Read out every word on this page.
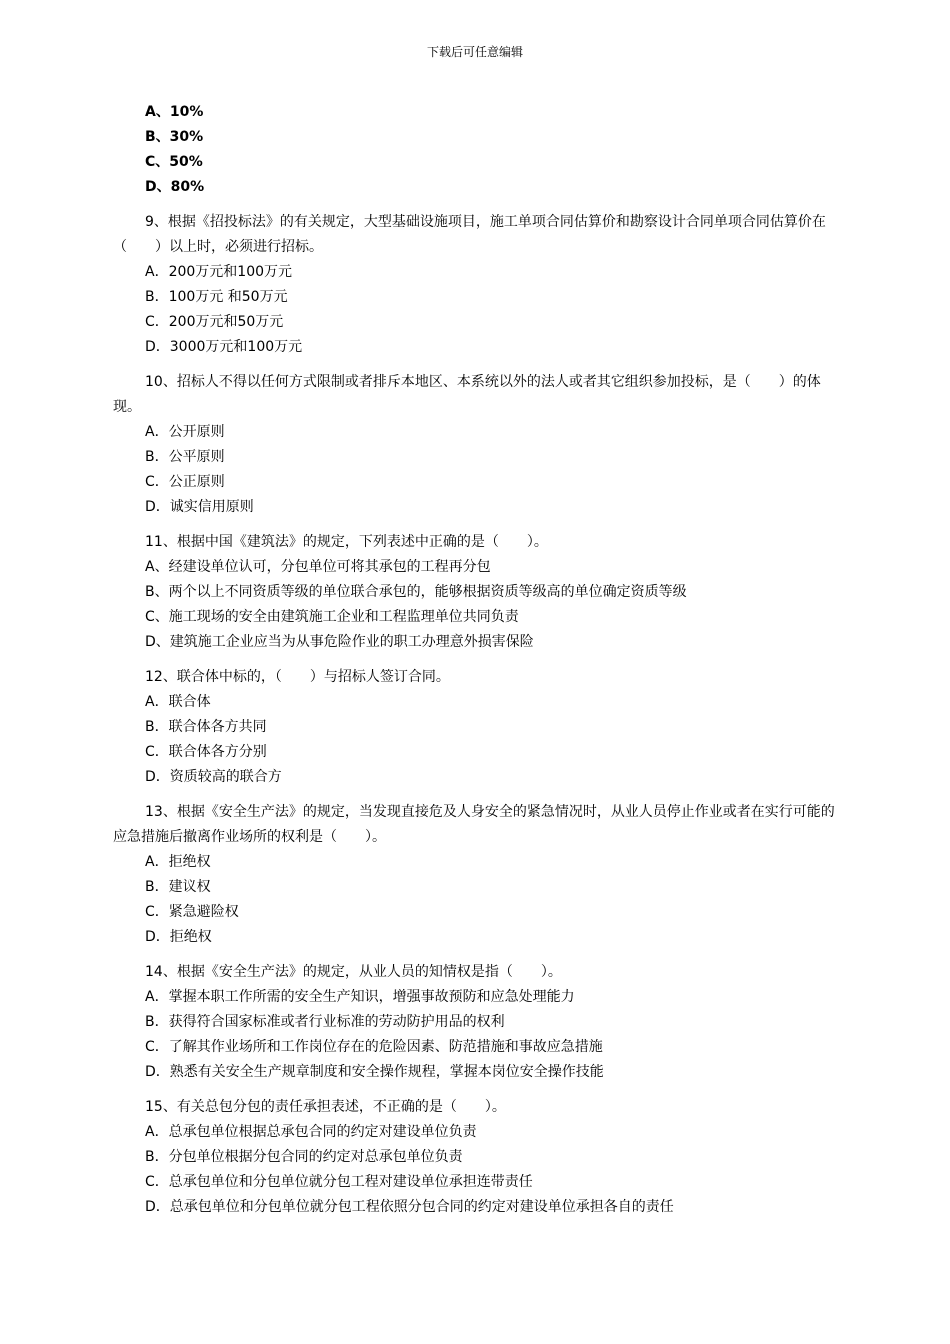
下载后可任意编辑
A、10%
B、30%
C、50%
D、80%
9、根据《招投标法》的有关规定，大型基础设施项目，施工单项合同估算价和勘察设计合同单项合同估算价在（　　）以上时，必须进行招标。
A．200万元和100万元
B．100万元 和50万元
C．200万元和50万元
D．3000万元和100万元
10、招标人不得以任何方式限制或者排斥本地区、本系统以外的法人或者其它组织参加投标，是（　　）的体现。
A．公开原则
B．公平原则
C．公正原则
D．诚实信用原则
11、根据中国《建筑法》的规定，下列表述中正确的是（　　）。
A、经建设单位认可，分包单位可将其承包的工程再分包
B、两个以上不同资质等级的单位联合承包的，能够根据资质等级高的单位确定资质等级
C、施工现场的安全由建筑施工企业和工程监理单位共同负责
D、建筑施工企业应当为从事危险作业的职工办理意外损害保险
12、联合体中标的，（　　）与招标人签订合同。
A．联合体
B．联合体各方共同
C．联合体各方分别
D．资质较高的联合方
13、根据《安全生产法》的规定，当发现直接危及人身安全的紧急情况时，从业人员停止作业或者在实行可能的应急措施后撤离作业场所的权利是（　　）。
A．拒绝权
B．建议权
C．紧急避险权
D．拒绝权
14、根据《安全生产法》的规定，从业人员的知情权是指（　　）。
A．掌握本职工作所需的安全生产知识，增强事故预防和应急处理能力
B．获得符合国家标准或者行业标准的劳动防护用品的权利
C．了解其作业场所和工作岗位存在的危险因素、防范措施和事故应急措施
D．熟悉有关安全生产规章制度和安全操作规程，掌握本岗位安全操作技能
15、有关总包分包的责任承担表述，不正确的是（　　）。
A．总承包单位根据总承包合同的约定对建设单位负责
B．分包单位根据分包合同的约定对总承包单位负责
C．总承包单位和分包单位就分包工程对建设单位承担连带责任
D．总承包单位和分包单位就分包工程依照分包合同的约定对建设单位承担各自的责任
